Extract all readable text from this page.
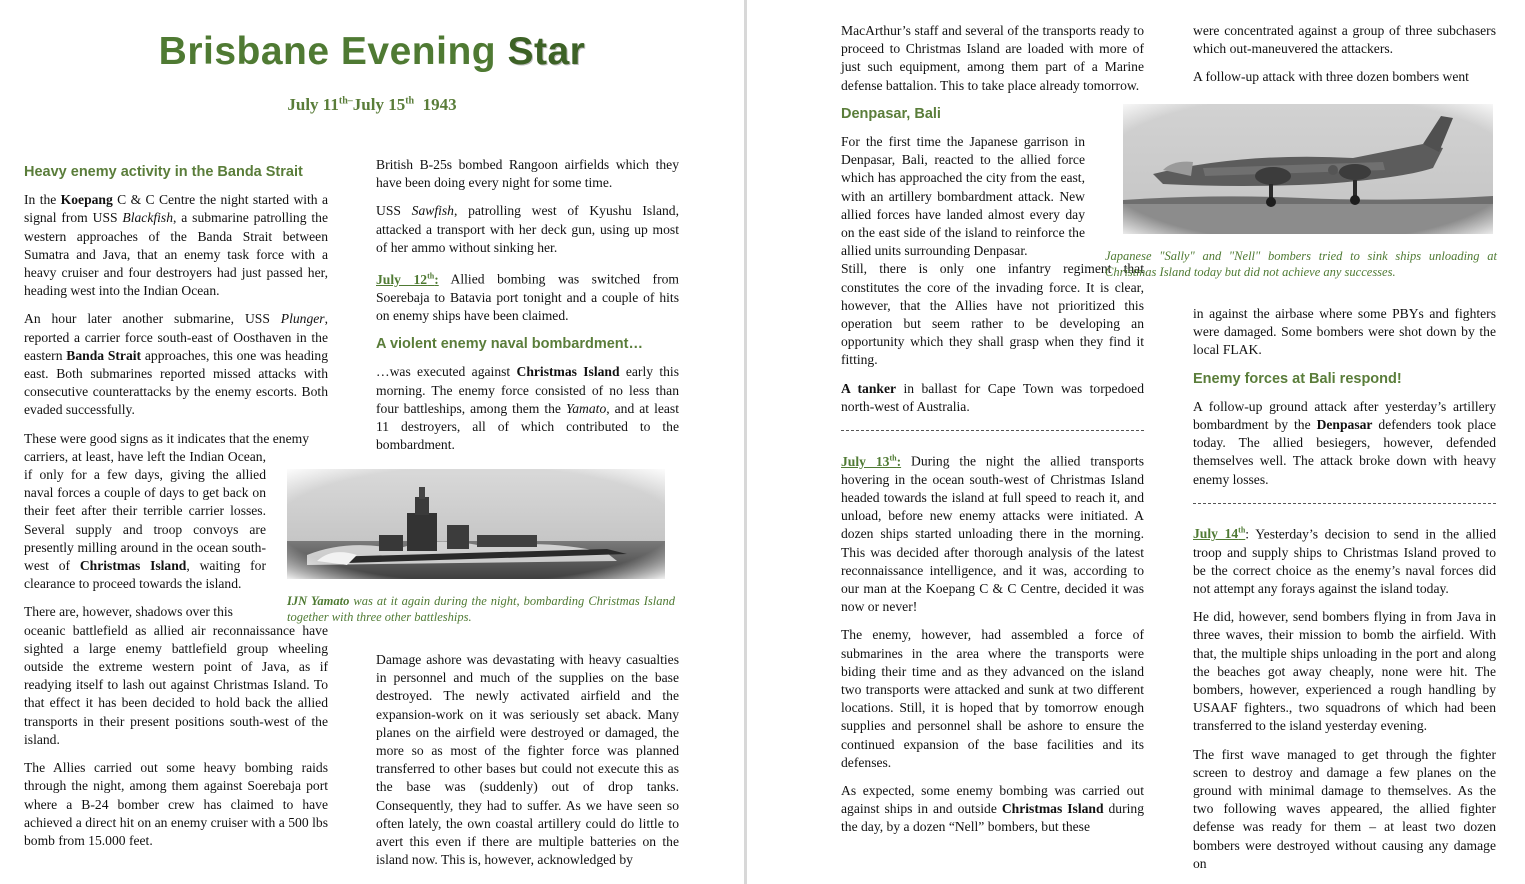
Brisbane Evening Star
July $11^{th-}July$ 15th 1943
Heavy enemy activity in the Banda Strait

In the Koepang C & C Centre the night started with a signal from USS Blackfish, a submarine patrolling the western approaches of the Banda Strait between Sumatra and Java, that an enemy task force with a heavy cruiser and four destroyers had just passed her, heading west into the Indian Ocean.

An hour later another submarine, USS Plunger, reported a carrier force south-east of Oosthaven in the eastern Banda Strait approaches, this one was heading east. Both submarines reported missed attacks with consecutive counterattacks by the enemy escorts. Both evaded successfully.

These were good signs as it indicates that the enemy

carriers, at least, have left the Indian Ocean, if only for a few days, giving the allied naval forces a couple of days to get back on their feet after their terrible carrier losses. Several supply and troop convoys are presently milling around in the ocean south-west of Christmas Island, waiting for clearance to proceed towards the island.

There are, however, shadows over this

oceanic battlefield as allied air reconnaissance have sighted a large enemy battlefield group wheeling outside the extreme western point of Java, as if readying itself to lash out against Christmas Island. To that effect it has been decided to hold back the allied transports in their present positions south-west of the island.

The Allies carried out some heavy bombing raids through the night, among them against Soerebaja port where a B-24 bomber crew has claimed to have achieved a direct hit on an enemy cruiser with a 500 lbs bomb from 15.000 feet.

British B-25s bombed Rangoon airfields which they have been doing every night for some time.

USS Sawfish, patrolling west of Kyushu Island, attacked a transport with her deck gun, using up most of her ammo without sinking her.

July 12th: Allied bombing was switched from Soerebaja to Batavia port tonight and a couple of hits on enemy ships have been claimed.

A violent enemy naval bombardment…

…was executed against Christmas Island early this morning. The enemy force consisted of no less than four battleships, among them the Yamato, and at least 11 destroyers, all of which contributed to the bombardment.

IJN Yamato was at it again during the night, bombarding Christmas Island together with three other battleships.

Damage ashore was devastating with heavy casualties in personnel and much of the supplies on the base destroyed. The newly activated airfield and the expansion-work on it was seriously set aback. Many planes on the airfield were destroyed or damaged, the more so as most of the fighter force was planned transferred to other bases but could not execute this as the base was (suddenly) out of drop tanks. Consequently, they had to suffer. As we have seen so often lately, the own coastal artillery could do little to avert this even if there are multiple batteries on the island now. This is, however, acknowledged by

MacArthur’s staff and several of the transports ready to proceed to Christmas Island are loaded with more of just such equipment, among them part of a Marine defense battalion. This to take place already tomorrow.

Denpasar, Bali

For the first time the Japanese garrison in Denpasar, Bali, reacted to the allied force which has approached the city from the east, with an artillery bombardment attack. New allied forces have landed almost every day on the east side of the island to reinforce the allied units surrounding Denpasar.

Still, there is only one infantry regiment that constitutes the core of the invading force. It is clear, however, that the Allies have not prioritized this operation but seem rather to be developing an opportunity which they shall grasp when they find it fitting.

A tanker in ballast for Cape Town was torpedoed north-west of Australia.

July 13th: During the night the allied transports hovering in the ocean south-west of Christmas Island headed towards the island at full speed to reach it, and unload, before new enemy attacks were initiated. A dozen ships started unloading there in the morning. This was decided after thorough analysis of the latest reconnaissance intelligence, and it was, according to our man at the Koepang C & C Centre, decided it was now or never!

The enemy, however, had assembled a force of submarines in the area where the transports were biding their time and as they advanced on the island two transports were attacked and sunk at two different locations. Still, it is hoped that by tomorrow enough supplies and personnel shall be ashore to ensure the continued expansion of the base facilities and its defenses.

As expected, some enemy bombing was carried out against ships in and outside Christmas Island during the day, by a dozen “Nell” bombers, but these

were concentrated against a group of three subchasers which out-maneuvered the attackers.

A follow-up attack with three dozen bombers went

Japanese "Sally" and "Nell" bombers tried to sink ships unloading at Christmas Island today but did not achieve any successes.

in against the airbase where some PBYs and fighters were damaged. Some bombers were shot down by the local FLAK.

Enemy forces at Bali respond!

A follow-up ground attack after yesterday’s artillery bombardment by the Denpasar defenders took place today. The allied besiegers, however, defended themselves well. The attack broke down with heavy enemy losses.

July 14th: Yesterday’s decision to send in the allied troop and supply ships to Christmas Island proved to be the correct choice as the enemy’s naval forces did not attempt any forays against the island today.

He did, however, send bombers flying in from Java in three waves, their mission to bomb the airfield. With that, the multiple ships unloading in the port and along the beaches got away cheaply, none were hit. The bombers, however, experienced a rough handling by USAAF fighters., two squadrons of which had been transferred to the island yesterday evening.

The first wave managed to get through the fighter screen to destroy and damage a few planes on the ground with minimal damage to themselves. As the two following waves appeared, the allied fighter defense was ready for them – at least two dozen bombers were destroyed without causing any damage on
